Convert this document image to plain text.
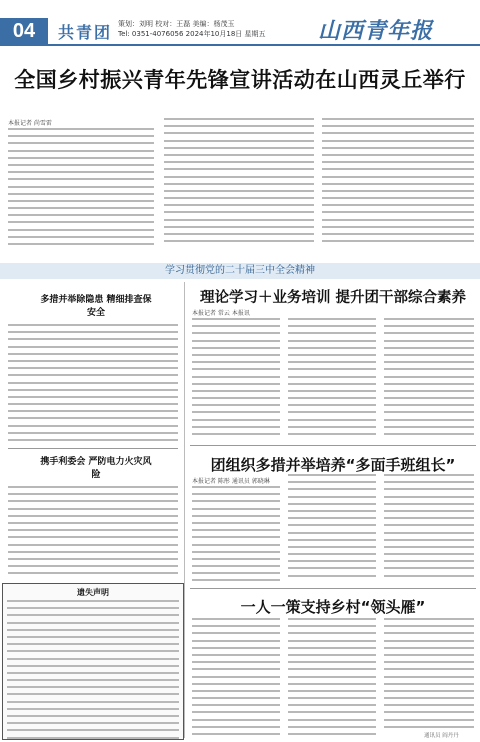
04	共青团 策划：刘明 校对：王磊 美编：杨茂玉
Tel: 0351-4076056 2024年10月18日 星期五 山西青年报
全国乡村振兴青年先锋宣讲活动在山西灵丘举行
本报记者 尚雪雷
学习贯彻党的二十届三中全会精神
多措并举除隐患 精细排查保安全
携手利委会 严防电力火灾风险
遗失声明
理论学习＋业务培训 提升团干部综合素养
本报记者 常云 本报讯
团组织多措并举培养“多面手班组长”
本报记者 陈彤 通讯员 郭晓琳
一人一策支持乡村“领头雁”
通讯员 阎丹丹
